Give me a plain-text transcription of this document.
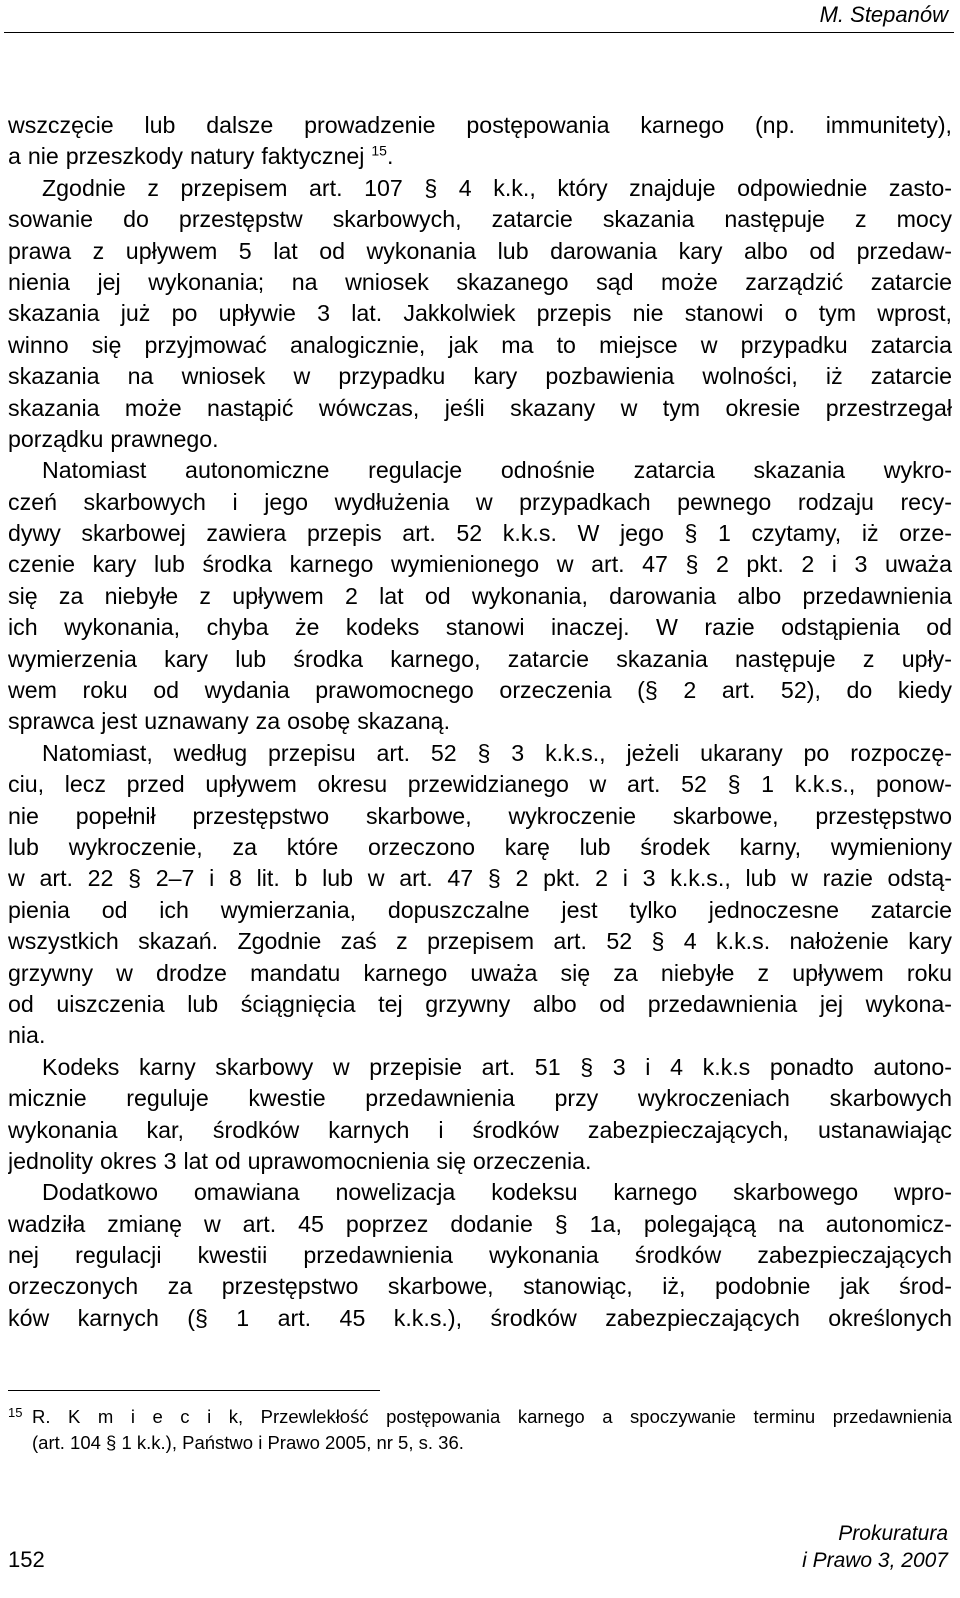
M. Stepanów
wszczęcie lub dalsze prowadzenie postępowania karnego (np. immunitety),
a nie przeszkody natury faktycznej $^{15}$.
Zgodnie z przepisem art. 107 § 4 k.k., który znajduje odpowiednie zasto-
sowanie do przestępstw skarbowych, zatarcie skazania następuje z mocy
prawa z upływem 5 lat od wykonania lub darowania kary albo od przedaw-
nienia jej wykonania; na wniosek skazanego sąd może zarządzić zatarcie
skazania już po upływie 3 lat. Jakkolwiek przepis nie stanowi o tym wprost,
winno się przyjmować analogicznie, jak ma to miejsce w przypadku zatarcia
skazania na wniosek w przypadku kary pozbawienia wolności, iż zatarcie
skazania może nastąpić wówczas, jeśli skazany w tym okresie przestrzegał
porządku prawnego.
Natomiast autonomiczne regulacje odnośnie zatarcia skazania wykro-
czeń skarbowych i jego wydłużenia w przypadkach pewnego rodzaju recy-
dywy skarbowej zawiera przepis art. 52 k.k.s. W jego § 1 czytamy, iż orze-
czenie kary lub środka karnego wymienionego w art. 47 § 2 pkt. 2 i 3 uważa
się za niebyłe z upływem 2 lat od wykonania, darowania albo przedawnienia
ich wykonania, chyba że kodeks stanowi inaczej. W razie odstąpienia od
wymierzenia kary lub środka karnego, zatarcie skazania następuje z upły-
wem roku od wydania prawomocnego orzeczenia (§ 2 art. 52), do kiedy
sprawca jest uznawany za osobę skazaną.
Natomiast, według przepisu art. 52 § 3 k.k.s., jeżeli ukarany po rozpoczę-
ciu, lecz przed upływem okresu przewidzianego w art. 52 § 1 k.k.s., ponow-
nie popełnił przestępstwo skarbowe, wykroczenie skarbowe, przestępstwo
lub wykroczenie, za które orzeczono karę lub środek karny, wymieniony
w art. 22 § 2–7 i 8 lit. b lub w art. 47 § 2 pkt. 2 i 3 k.k.s., lub w razie odstą-
pienia od ich wymierzania, dopuszczalne jest tylko jednoczesne zatarcie
wszystkich skazań. Zgodnie zaś z przepisem art. 52 § 4 k.k.s. nałożenie kary
grzywny w drodze mandatu karnego uważa się za niebyłe z upływem roku
od uiszczenia lub ściągnięcia tej grzywny albo od przedawnienia jej wykona-
nia.
Kodeks karny skarbowy w przepisie art. 51 § 3 i 4 k.k.s ponadto autono-
micznie reguluje kwestie przedawnienia przy wykroczeniach skarbowych
wykonania kar, środków karnych i środków zabezpieczających, ustanawiając
jednolity okres 3 lat od uprawomocnienia się orzeczenia.
Dodatkowo omawiana nowelizacja kodeksu karnego skarbowego wpro-
wadziła zmianę w art. 45 poprzez dodanie § 1a, polegającą na autonomicz-
nej regulacji kwestii przedawnienia wykonania środków zabezpieczających
orzeczonych za przestępstwo skarbowe, stanowiąc, iż, podobnie jak środ-
ków karnych (§ 1 art. 45 k.k.s.), środków zabezpieczających określonych
15 R. K m i e c i k, Przewlekłość postępowania karnego a spoczywanie terminu przedawnienia
(art. 104 § 1 k.k.), Państwo i Prawo 2005, nr 5, s. 36.
152
Prokuratura
i Prawo 3, 2007
